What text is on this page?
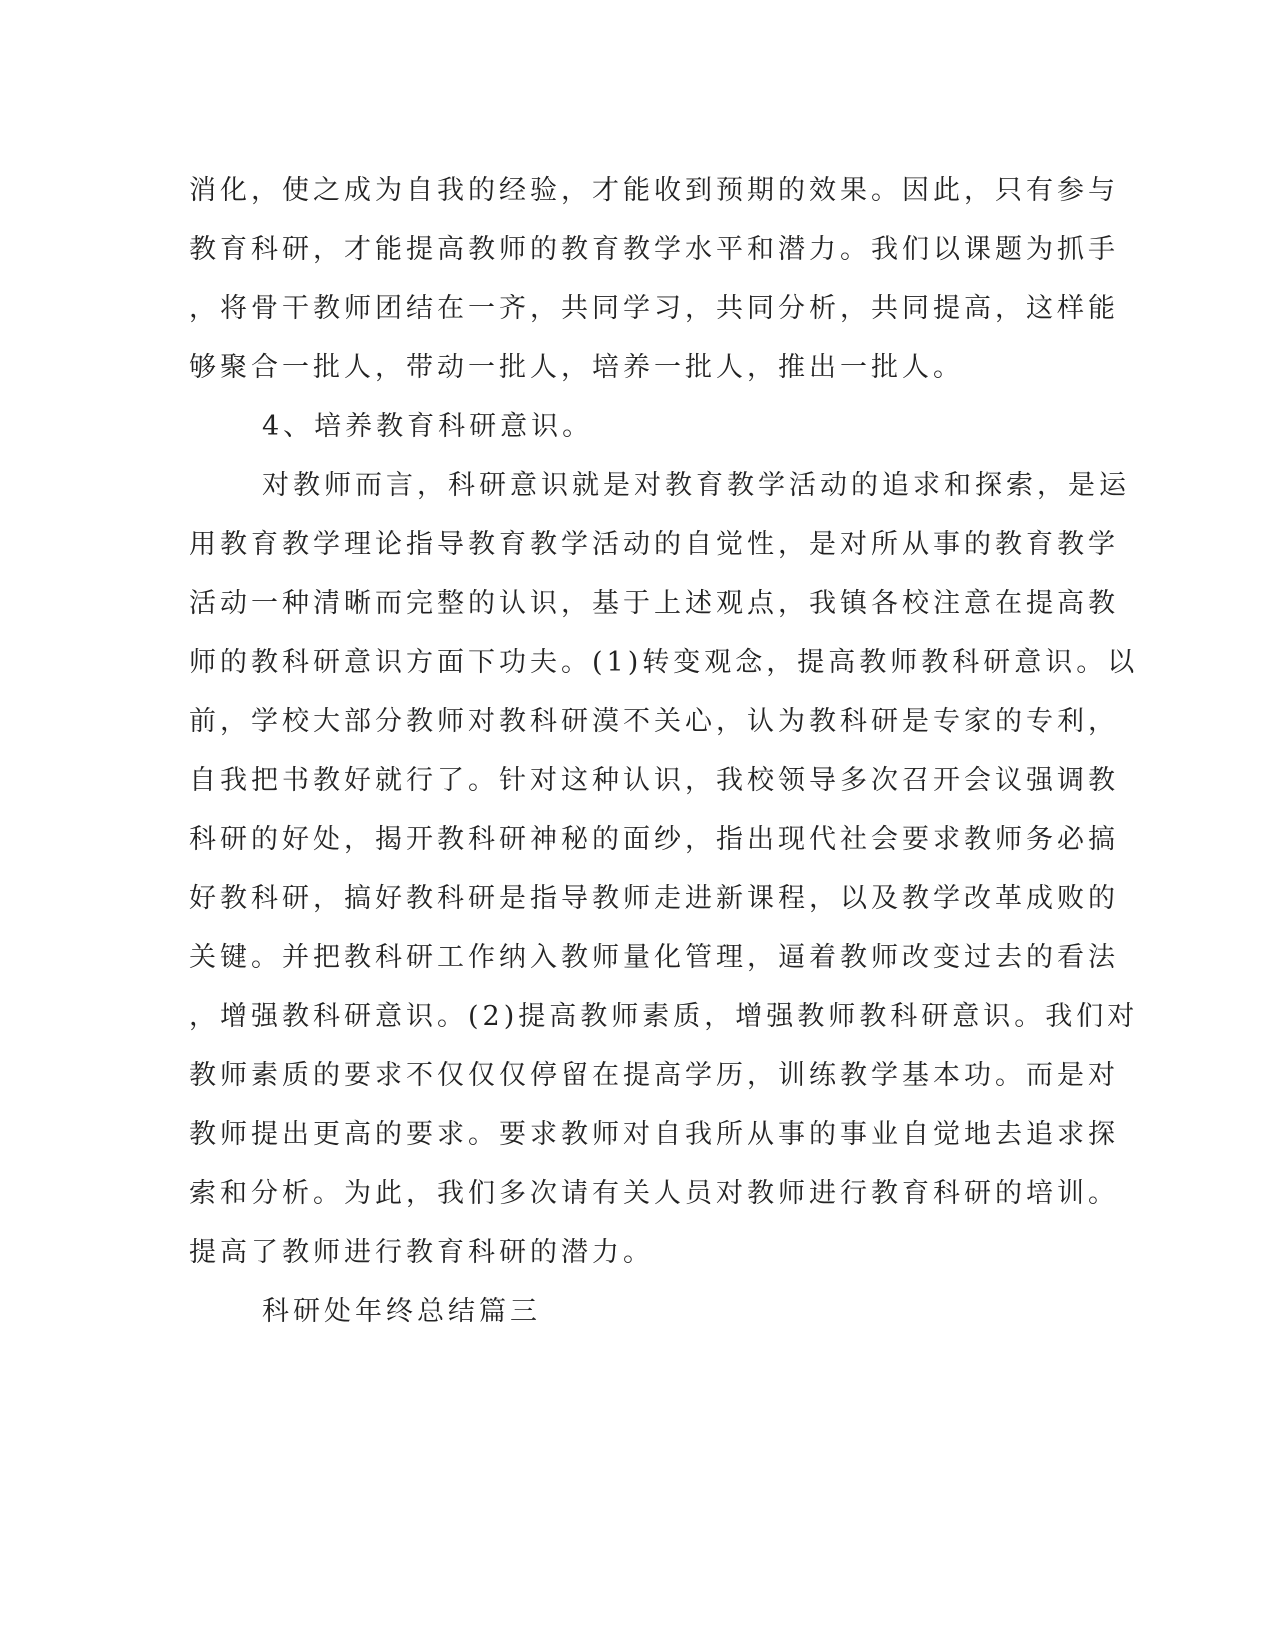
消化，使之成为自我的经验，才能收到预期的效果。因此，只有参与
教育科研，才能提高教师的教育教学水平和潜力。我们以课题为抓手
，将骨干教师团结在一齐，共同学习，共同分析，共同提高，这样能
够聚合一批人，带动一批人，培养一批人，推出一批人。
4、培养教育科研意识。
对教师而言，科研意识就是对教育教学活动的追求和探索，是运
用教育教学理论指导教育教学活动的自觉性，是对所从事的教育教学
活动一种清晰而完整的认识，基于上述观点，我镇各校注意在提高教
师的教科研意识方面下功夫。(1)转变观念，提高教师教科研意识。以
前，学校大部分教师对教科研漠不关心，认为教科研是专家的专利，
自我把书教好就行了。针对这种认识，我校领导多次召开会议强调教
科研的好处，揭开教科研神秘的面纱，指出现代社会要求教师务必搞
好教科研，搞好教科研是指导教师走进新课程，以及教学改革成败的
关键。并把教科研工作纳入教师量化管理，逼着教师改变过去的看法
，增强教科研意识。(2)提高教师素质，增强教师教科研意识。我们对
教师素质的要求不仅仅仅停留在提高学历，训练教学基本功。而是对
教师提出更高的要求。要求教师对自我所从事的事业自觉地去追求探
索和分析。为此，我们多次请有关人员对教师进行教育科研的培训。
提高了教师进行教育科研的潜力。
科研处年终总结篇三
